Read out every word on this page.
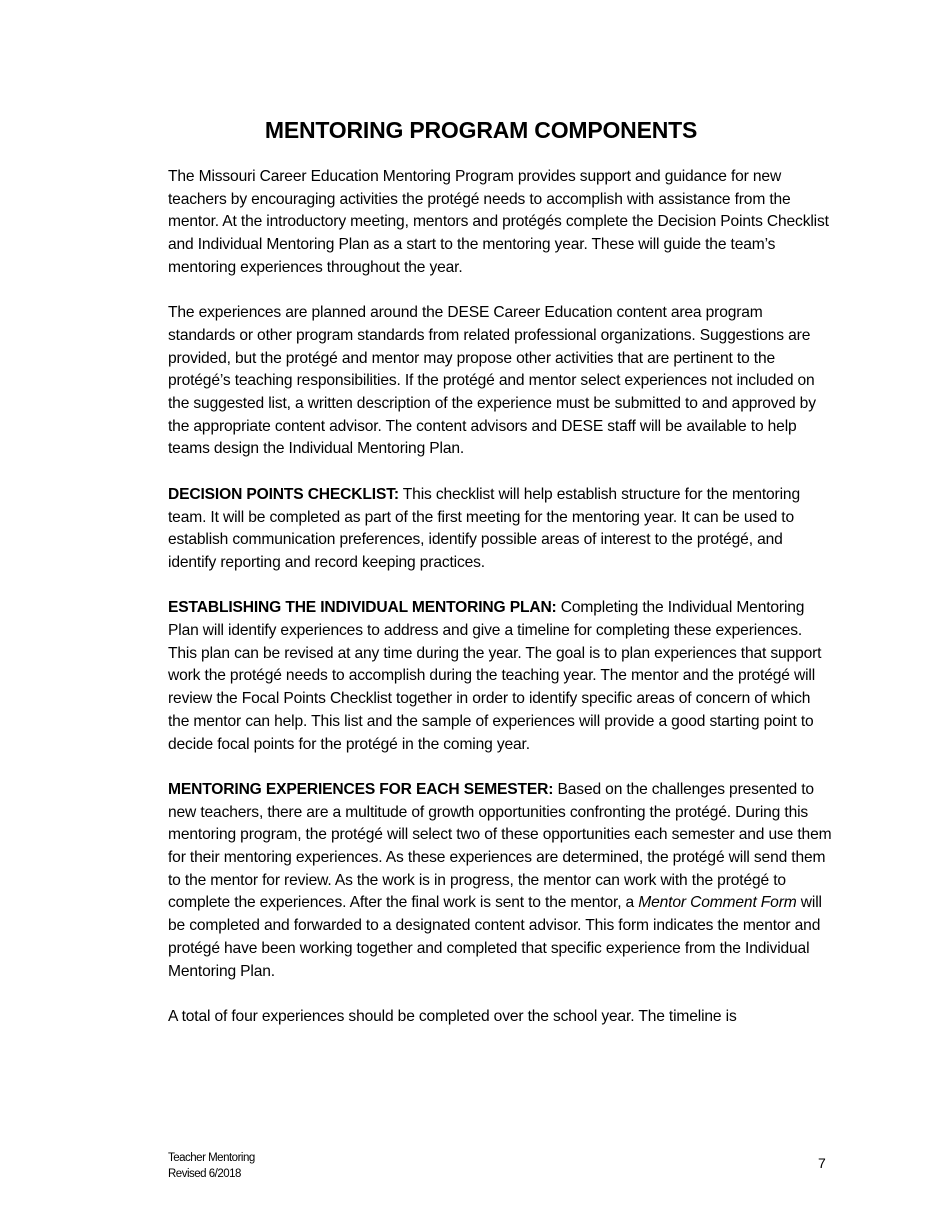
MENTORING PROGRAM COMPONENTS

The Missouri Career Education Mentoring Program provides support and guidance for new teachers by encouraging activities the protégé needs to accomplish with assistance from the mentor. At the introductory meeting, mentors and protégés complete the Decision Points Checklist and Individual Mentoring Plan as a start to the mentoring year. These will guide the team’s mentoring experiences throughout the year.

The experiences are planned around the DESE Career Education content area program standards or other program standards from related professional organizations. Suggestions are provided, but the protégé and mentor may propose other activities that are pertinent to the protégé’s teaching responsibilities. If the protégé and mentor select experiences not included on the suggested list, a written description of the experience must be submitted to and approved by the appropriate content advisor. The content advisors and DESE staff will be available to help teams design the Individual Mentoring Plan.

DECISION POINTS CHECKLIST: This checklist will help establish structure for the mentoring team. It will be completed as part of the first meeting for the mentoring year. It can be used to establish communication preferences, identify possible areas of interest to the protégé, and identify reporting and record keeping practices.

ESTABLISHING THE INDIVIDUAL MENTORING PLAN: Completing the Individual Mentoring Plan will identify experiences to address and give a timeline for completing these experiences. This plan can be revised at any time during the year. The goal is to plan experiences that support work the protégé needs to accomplish during the teaching year. The mentor and the protégé will review the Focal Points Checklist together in order to identify specific areas of concern of which the mentor can help. This list and the sample of experiences will provide a good starting point to decide focal points for the protégé in the coming year.

MENTORING EXPERIENCES FOR EACH SEMESTER: Based on the challenges presented to new teachers, there are a multitude of growth opportunities confronting the protégé. During this mentoring program, the protégé will select two of these opportunities each semester and use them for their mentoring experiences. As these experiences are determined, the protégé will send them to the mentor for review. As the work is in progress, the mentor can work with the protégé to complete the experiences. After the final work is sent to the mentor, a Mentor Comment Form will be completed and forwarded to a designated content advisor. This form indicates the mentor and protégé have been working together and completed that specific experience from the Individual Mentoring Plan.

A total of four experiences should be completed over the school year. The timeline is

Teacher Mentoring
Revised 6/2018
7
